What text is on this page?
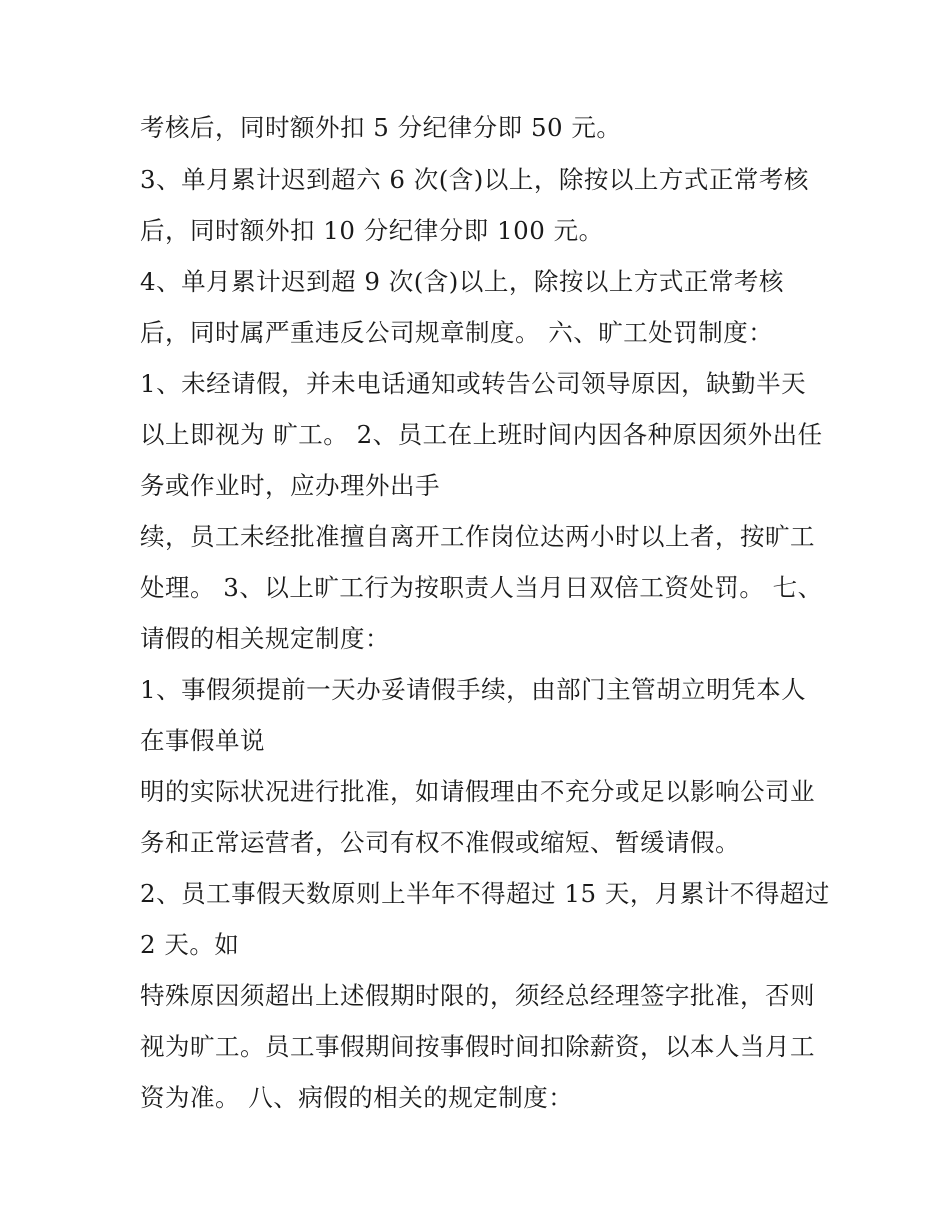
考核后，同时额外扣 5 分纪律分即 50 元。
3、单月累计迟到超六 6 次(含)以上，除按以上方式正常考核
后，同时额外扣 10 分纪律分即 100 元。
4、单月累计迟到超 9 次(含)以上，除按以上方式正常考核
后，同时属严重违反公司规章制度。 六、旷工处罚制度：
1、未经请假，并未电话通知或转告公司领导原因，缺勤半天
以上即视为 旷工。 2、员工在上班时间内因各种原因须外出任
务或作业时，应办理外出手
续，员工未经批准擅自离开工作岗位达两小时以上者，按旷工
处理。 3、以上旷工行为按职责人当月日双倍工资处罚。 七、
请假的相关规定制度：
1、事假须提前一天办妥请假手续，由部门主管胡立明凭本人
在事假单说
明的实际状况进行批准，如请假理由不充分或足以影响公司业
务和正常运营者，公司有权不准假或缩短、暂缓请假。
2、员工事假天数原则上半年不得超过 15 天，月累计不得超过
2 天。如
特殊原因须超出上述假期时限的，须经总经理签字批准，否则
视为旷工。员工事假期间按事假时间扣除薪资，以本人当月工
资为准。 八、病假的相关的规定制度：
